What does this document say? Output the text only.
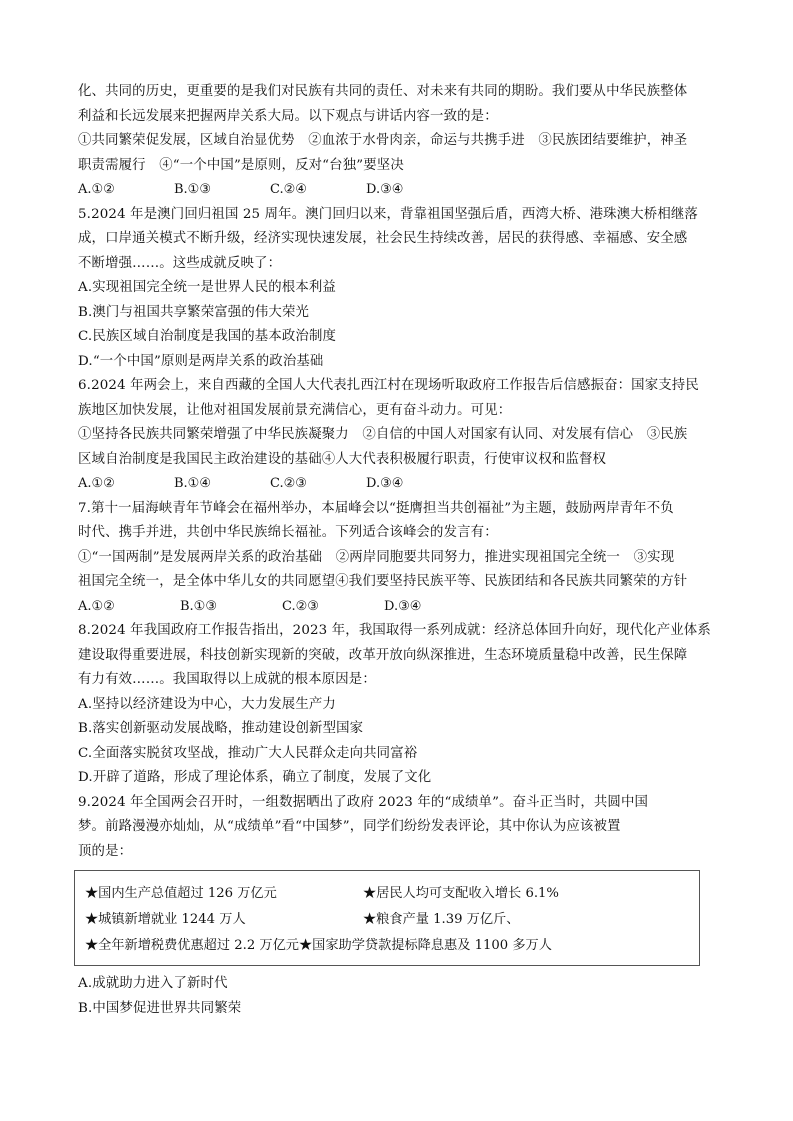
化、共同的历史，更重要的是我们对民族有共同的责任、对未来有共同的期盼。我们要从中华民族整体
利益和长远发展来把握两岸关系大局。以下观点与讲话内容一致的是：
①共同繁荣促发展，区域自治显优势　②血浓于水骨肉亲，命运与共携手进　③民族团结要维护，神圣
职责需履行　④“一个中国”是原则，反对“台独”要坚决
A.①②	B.①③	C.②④	D.③④
5.2024 年是澳门回归祖国 25 周年。澳门回归以来，背靠祖国坚强后盾，西湾大桥、港珠澳大桥相继落
成，口岸通关模式不断升级，经济实现快速发展，社会民生持续改善，居民的获得感、幸福感、安全感
不断增强……。这些成就反映了：
A.实现祖国完全统一是世界人民的根本利益
B.澳门与祖国共享繁荣富强的伟大荣光
C.民族区域自治制度是我国的基本政治制度
D.“一个中国”原则是两岸关系的政治基础
6.2024 年两会上，来自西藏的全国人大代表扎西江村在现场听取政府工作报告后信感振奋：国家支持民
族地区加快发展，让他对祖国发展前景充满信心，更有奋斗动力。可见：
①坚持各民族共同繁荣增强了中华民族凝聚力　②自信的中国人对国家有认同、对发展有信心　③民族
区域自治制度是我国民主政治建设的基础④人大代表积极履行职责，行使审议权和监督权
A.①②	B.①④	C.②③	D.③④
7.第十一届海峡青年节峰会在福州举办，本届峰会以“挺膺担当共创福祉”为主题，鼓励两岸青年不负
时代、携手并进，共创中华民族绵长福祉。下列适合该峰会的发言有：
①“一国两制”是发展两岸关系的政治基础　②两岸同胞要共同努力，推进实现祖国完全统一　③实现
祖国完全统一，是全体中华儿女的共同愿望④我们要坚持民族平等、民族团结和各民族共同繁荣的方针
A.①②	B.①③	C.②③	D.③④
8.2024 年我国政府工作报告指出，2023 年，我国取得一系列成就：经济总体回升向好，现代化产业体系
建设取得重要进展，科技创新实现新的突破，改革开放向纵深推进，生态环境质量稳中改善，民生保障
有力有效……。我国取得以上成就的根本原因是：
A.坚持以经济建设为中心，大力发展生产力
B.落实创新驱动发展战略，推动建设创新型国家
C.全面落实脱贫攻坚战，推动广大人民群众走向共同富裕
D.开辟了道路，形成了理论体系，确立了制度，发展了文化
9.2024 年全国两会召开时，一组数据晒出了政府 2023 年的“成绩单”。奋斗正当时，共圆中国
梦。前路漫漫亦灿灿，从“成绩单”看“中国梦”，同学们纷纷发表评论，其中你认为应该被置
顶的是：
★国内生产总值超过 126 万亿元	★居民人均可支配收入增长 6.1%
★城镇新增就业 1244 万人	★粮食产量 1.39 万亿斤、
★全年新增税费优惠超过 2.2 万亿元★国家助学贷款提标降息惠及 1100 多万人
A.成就助力进入了新时代
B.中国梦促进世界共同繁荣
